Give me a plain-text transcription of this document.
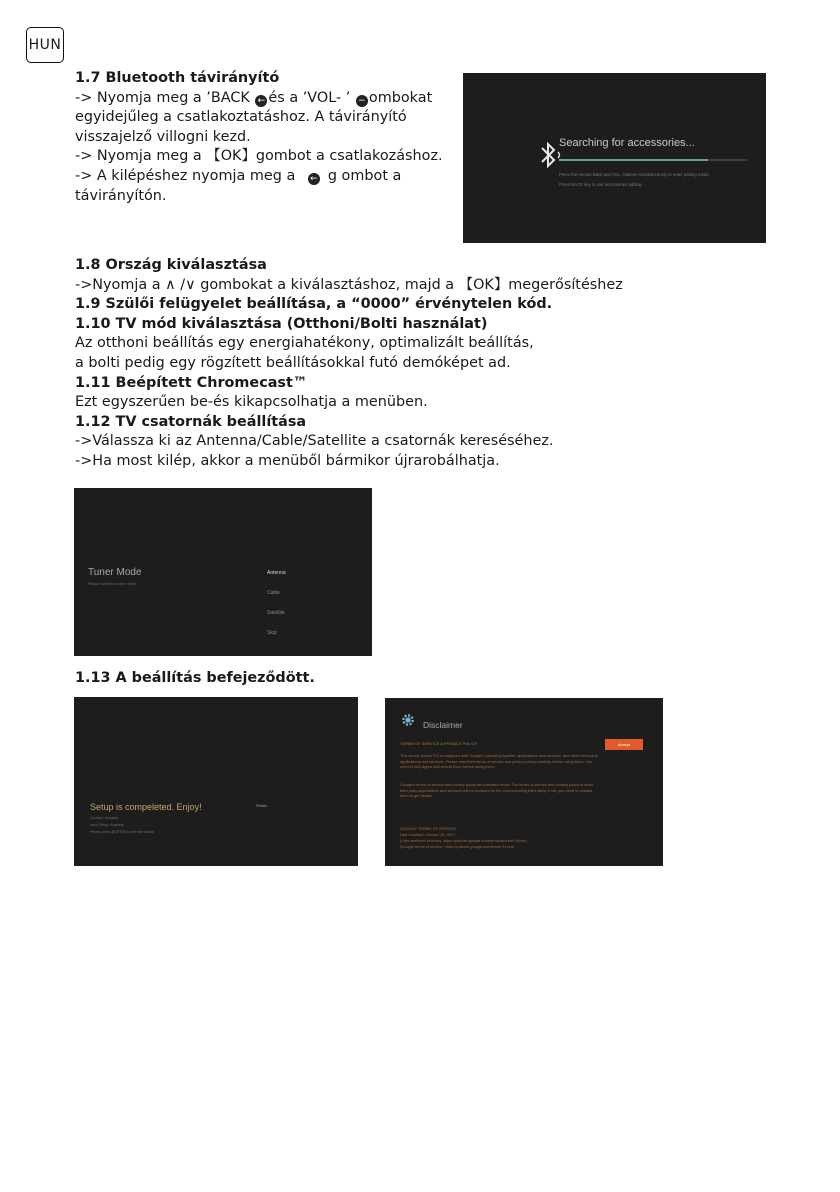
HUN

1.7 Bluetooth távirányító

-> Nyomja meg a ’BACK ← és a ’VOL- ’ − ombokat

egyidejűleg a csatlakoztatáshoz. A távirányító

visszajelző villogni kezd.

-> Nyomja meg a 【OK】gombot a csatlakozáshoz.

-> A kilépéshez nyomja meg a ← g ombot a

távirányítón.

Searching for accessories...
Press the remote Back and VOL- buttons simultaneously to enter pairing mode.
Press BACK key to exit accessories adding.

1.8 Ország kiválasztása

->Nyomja a ∧ /∨ gombokat a kiválasztáshoz, majd a 【OK】megerősítéshez

1.9 Szülői felügyelet beállítása, a “0000” érvénytelen kód.

1.10 TV mód kiválasztása (Otthoni/Bolti használat)

Az otthoni beállítás egy energiahatékony, optimalizált beállítás,

a bolti pedig egy rögzített beállításokkal futó demóképet ad.

1.11 Beépített Chromecast™

Ezt egyszerűen be-és kikapcsolhatja a menüben.

1.12 TV csatornák beállítása

->Válassza ki az Antenna/Cable/Satellite a csatornák kereséséhez.

->Ha most kilép, akkor a menüből bármikor újrarobálhatja.

Tuner Mode
Please select a tuner mode
Antenna
Cable
Satellite
Skip

1.13 A beállítás befejeződött.

Setup is compeleted. Enjoy!
Country: Hungary
Input Setup: Antenna
Please press [ENTER] to exit the wizard
Finish
Disclaimer
TERMS OF SERVICE & PRIVACY POLICY	Accept
This device (smart TV) is equipped with Google's operating system, applications and services, and other third party applications and services. Please read their terms of service and privacy policy carefully before using them. You need to fully agree and accept them before using them.
Google's terms of service and privacy policy are provided below. The terms of service and privacy policy of other third party applications and services will be provided by the corresponding third party. If not, you need to contact them to get details.
GOOGLE TERMS OF SERVICE
Last modified: October 25, 2017
(View archived versions, https://policies.google.com/terms/archive?hl=en)
(Google terms of service, https://policies.google.com/terms?hl=en)
